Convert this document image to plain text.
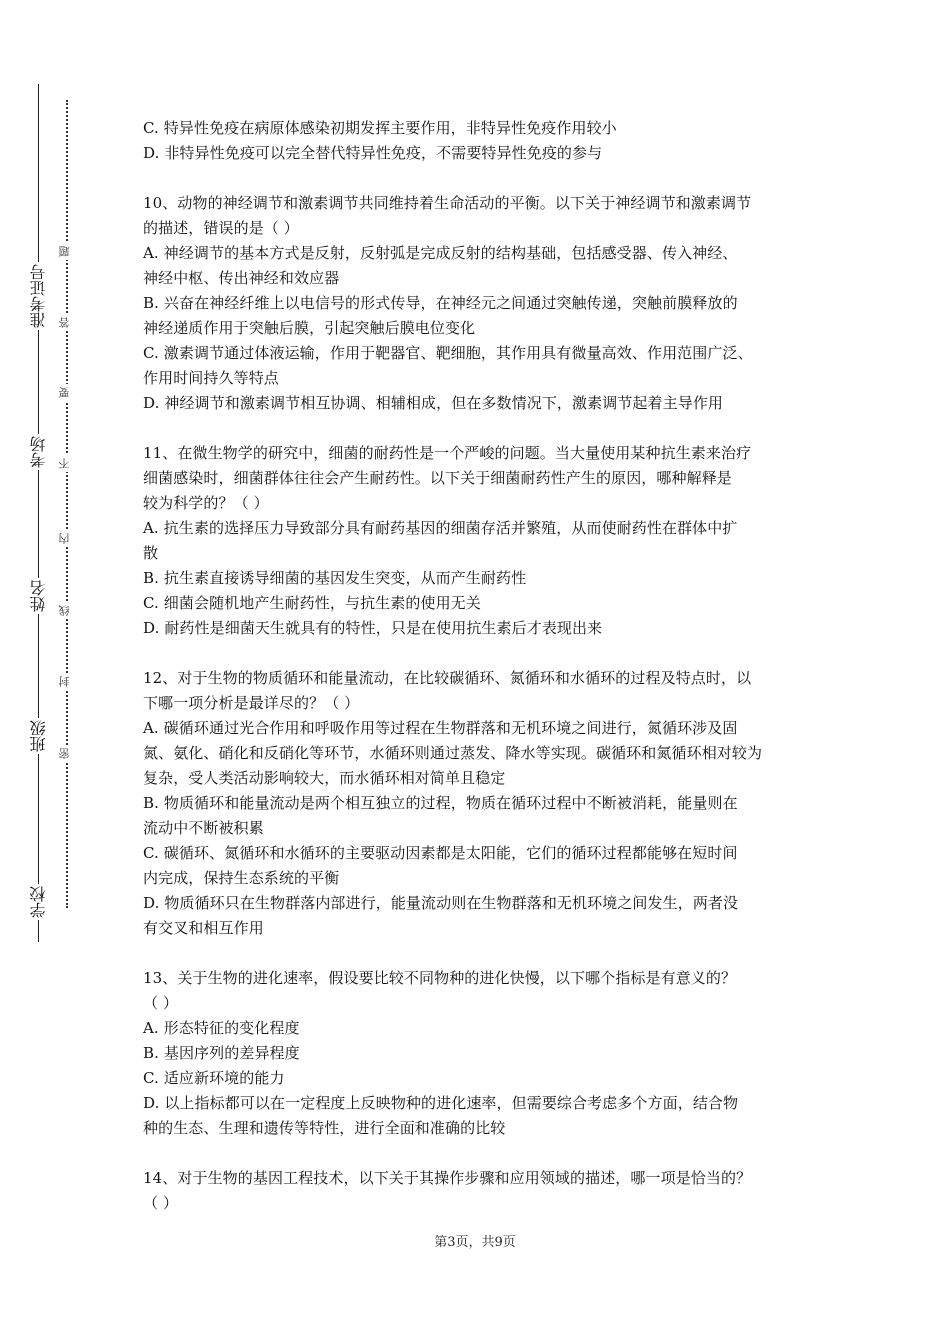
准考证号
考场
姓名
班级
学校
题
答
要
不
内
线
封
密
C. 特异性免疫在病原体感染初期发挥主要作用，非特异性免疫作用较小
D. 非特异性免疫可以完全替代特异性免疫，不需要特异性免疫的参与
10、动物的神经调节和激素调节共同维持着生命活动的平衡。以下关于神经调节和激素调节
的描述，错误的是（ ）
A. 神经调节的基本方式是反射，反射弧是完成反射的结构基础，包括感受器、传入神经、
神经中枢、传出神经和效应器
B. 兴奋在神经纤维上以电信号的形式传导，在神经元之间通过突触传递，突触前膜释放的
神经递质作用于突触后膜，引起突触后膜电位变化
C. 激素调节通过体液运输，作用于靶器官、靶细胞，其作用具有微量高效、作用范围广泛、
作用时间持久等特点
D. 神经调节和激素调节相互协调、相辅相成，但在多数情况下，激素调节起着主导作用
11、在微生物学的研究中，细菌的耐药性是一个严峻的问题。当大量使用某种抗生素来治疗
细菌感染时，细菌群体往往会产生耐药性。以下关于细菌耐药性产生的原因，哪种解释是
较为科学的？（ ）
A. 抗生素的选择压力导致部分具有耐药基因的细菌存活并繁殖，从而使耐药性在群体中扩
散
B. 抗生素直接诱导细菌的基因发生突变，从而产生耐药性
C. 细菌会随机地产生耐药性，与抗生素的使用无关
D. 耐药性是细菌天生就具有的特性，只是在使用抗生素后才表现出来
12、对于生物的物质循环和能量流动，在比较碳循环、氮循环和水循环的过程及特点时，以
下哪一项分析是最详尽的？（ ）
A. 碳循环通过光合作用和呼吸作用等过程在生物群落和无机环境之间进行，氮循环涉及固
氮、氨化、硝化和反硝化等环节，水循环则通过蒸发、降水等实现。碳循环和氮循环相对较为
复杂，受人类活动影响较大，而水循环相对简单且稳定
B. 物质循环和能量流动是两个相互独立的过程，物质在循环过程中不断被消耗，能量则在
流动中不断被积累
C. 碳循环、氮循环和水循环的主要驱动因素都是太阳能，它们的循环过程都能够在短时间
内完成，保持生态系统的平衡
D. 物质循环只在生物群落内部进行，能量流动则在生物群落和无机环境之间发生，两者没
有交叉和相互作用
13、关于生物的进化速率，假设要比较不同物种的进化快慢，以下哪个指标是有意义的？
（ ）
A. 形态特征的变化程度
B. 基因序列的差异程度
C. 适应新环境的能力
D. 以上指标都可以在一定程度上反映物种的进化速率，但需要综合考虑多个方面，结合物
种的生态、生理和遗传等特性，进行全面和准确的比较
14、对于生物的基因工程技术，以下关于其操作步骤和应用领域的描述，哪一项是恰当的？
（ ）
第3页，共9页
